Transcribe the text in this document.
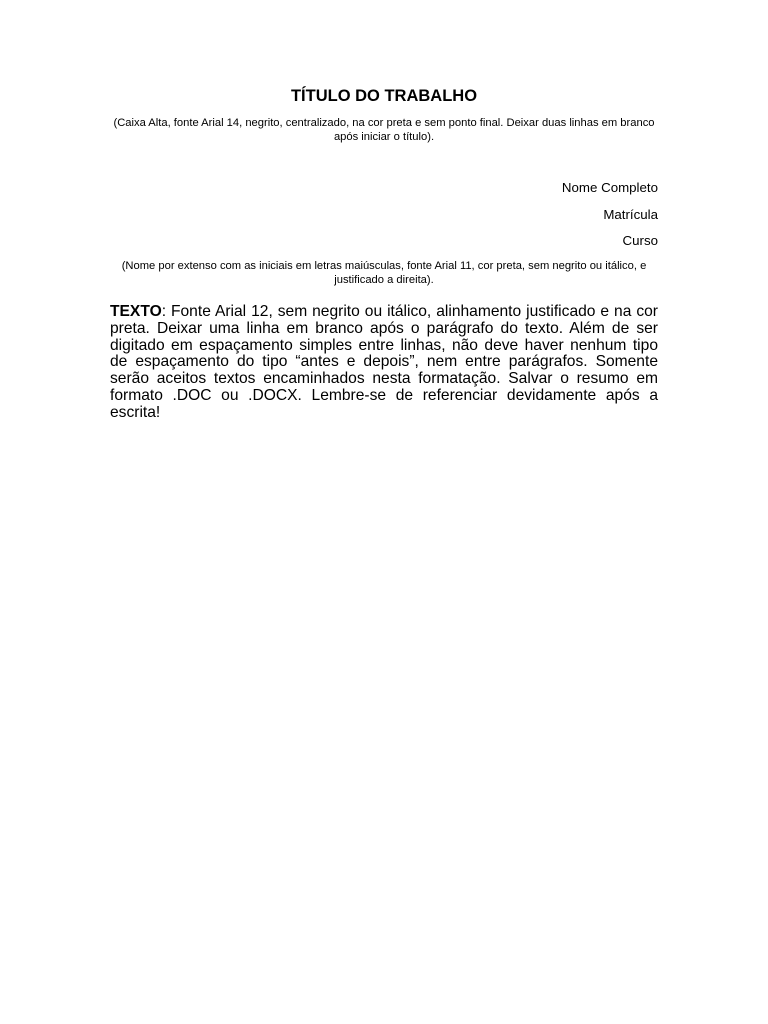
TÍTULO DO TRABALHO

(Caixa Alta, fonte Arial 14, negrito, centralizado, na cor preta e sem ponto final. Deixar duas linhas em branco após iniciar o título).

Nome Completo

Matrícula

Curso

(Nome por extenso com as iniciais em letras maiúsculas, fonte Arial 11, cor preta, sem negrito ou itálico, e justificado a direita).

TEXTO: Fonte Arial 12, sem negrito ou itálico, alinhamento justificado e na cor preta. Deixar uma linha em branco após o parágrafo do texto. Além de ser digitado em espaçamento simples entre linhas, não deve haver nenhum tipo de espaçamento do tipo “antes e depois”, nem entre parágrafos. Somente serão aceitos textos encaminhados nesta formatação. Salvar o resumo em formato .DOC ou .DOCX. Lembre-se de referenciar devidamente após a escrita!
